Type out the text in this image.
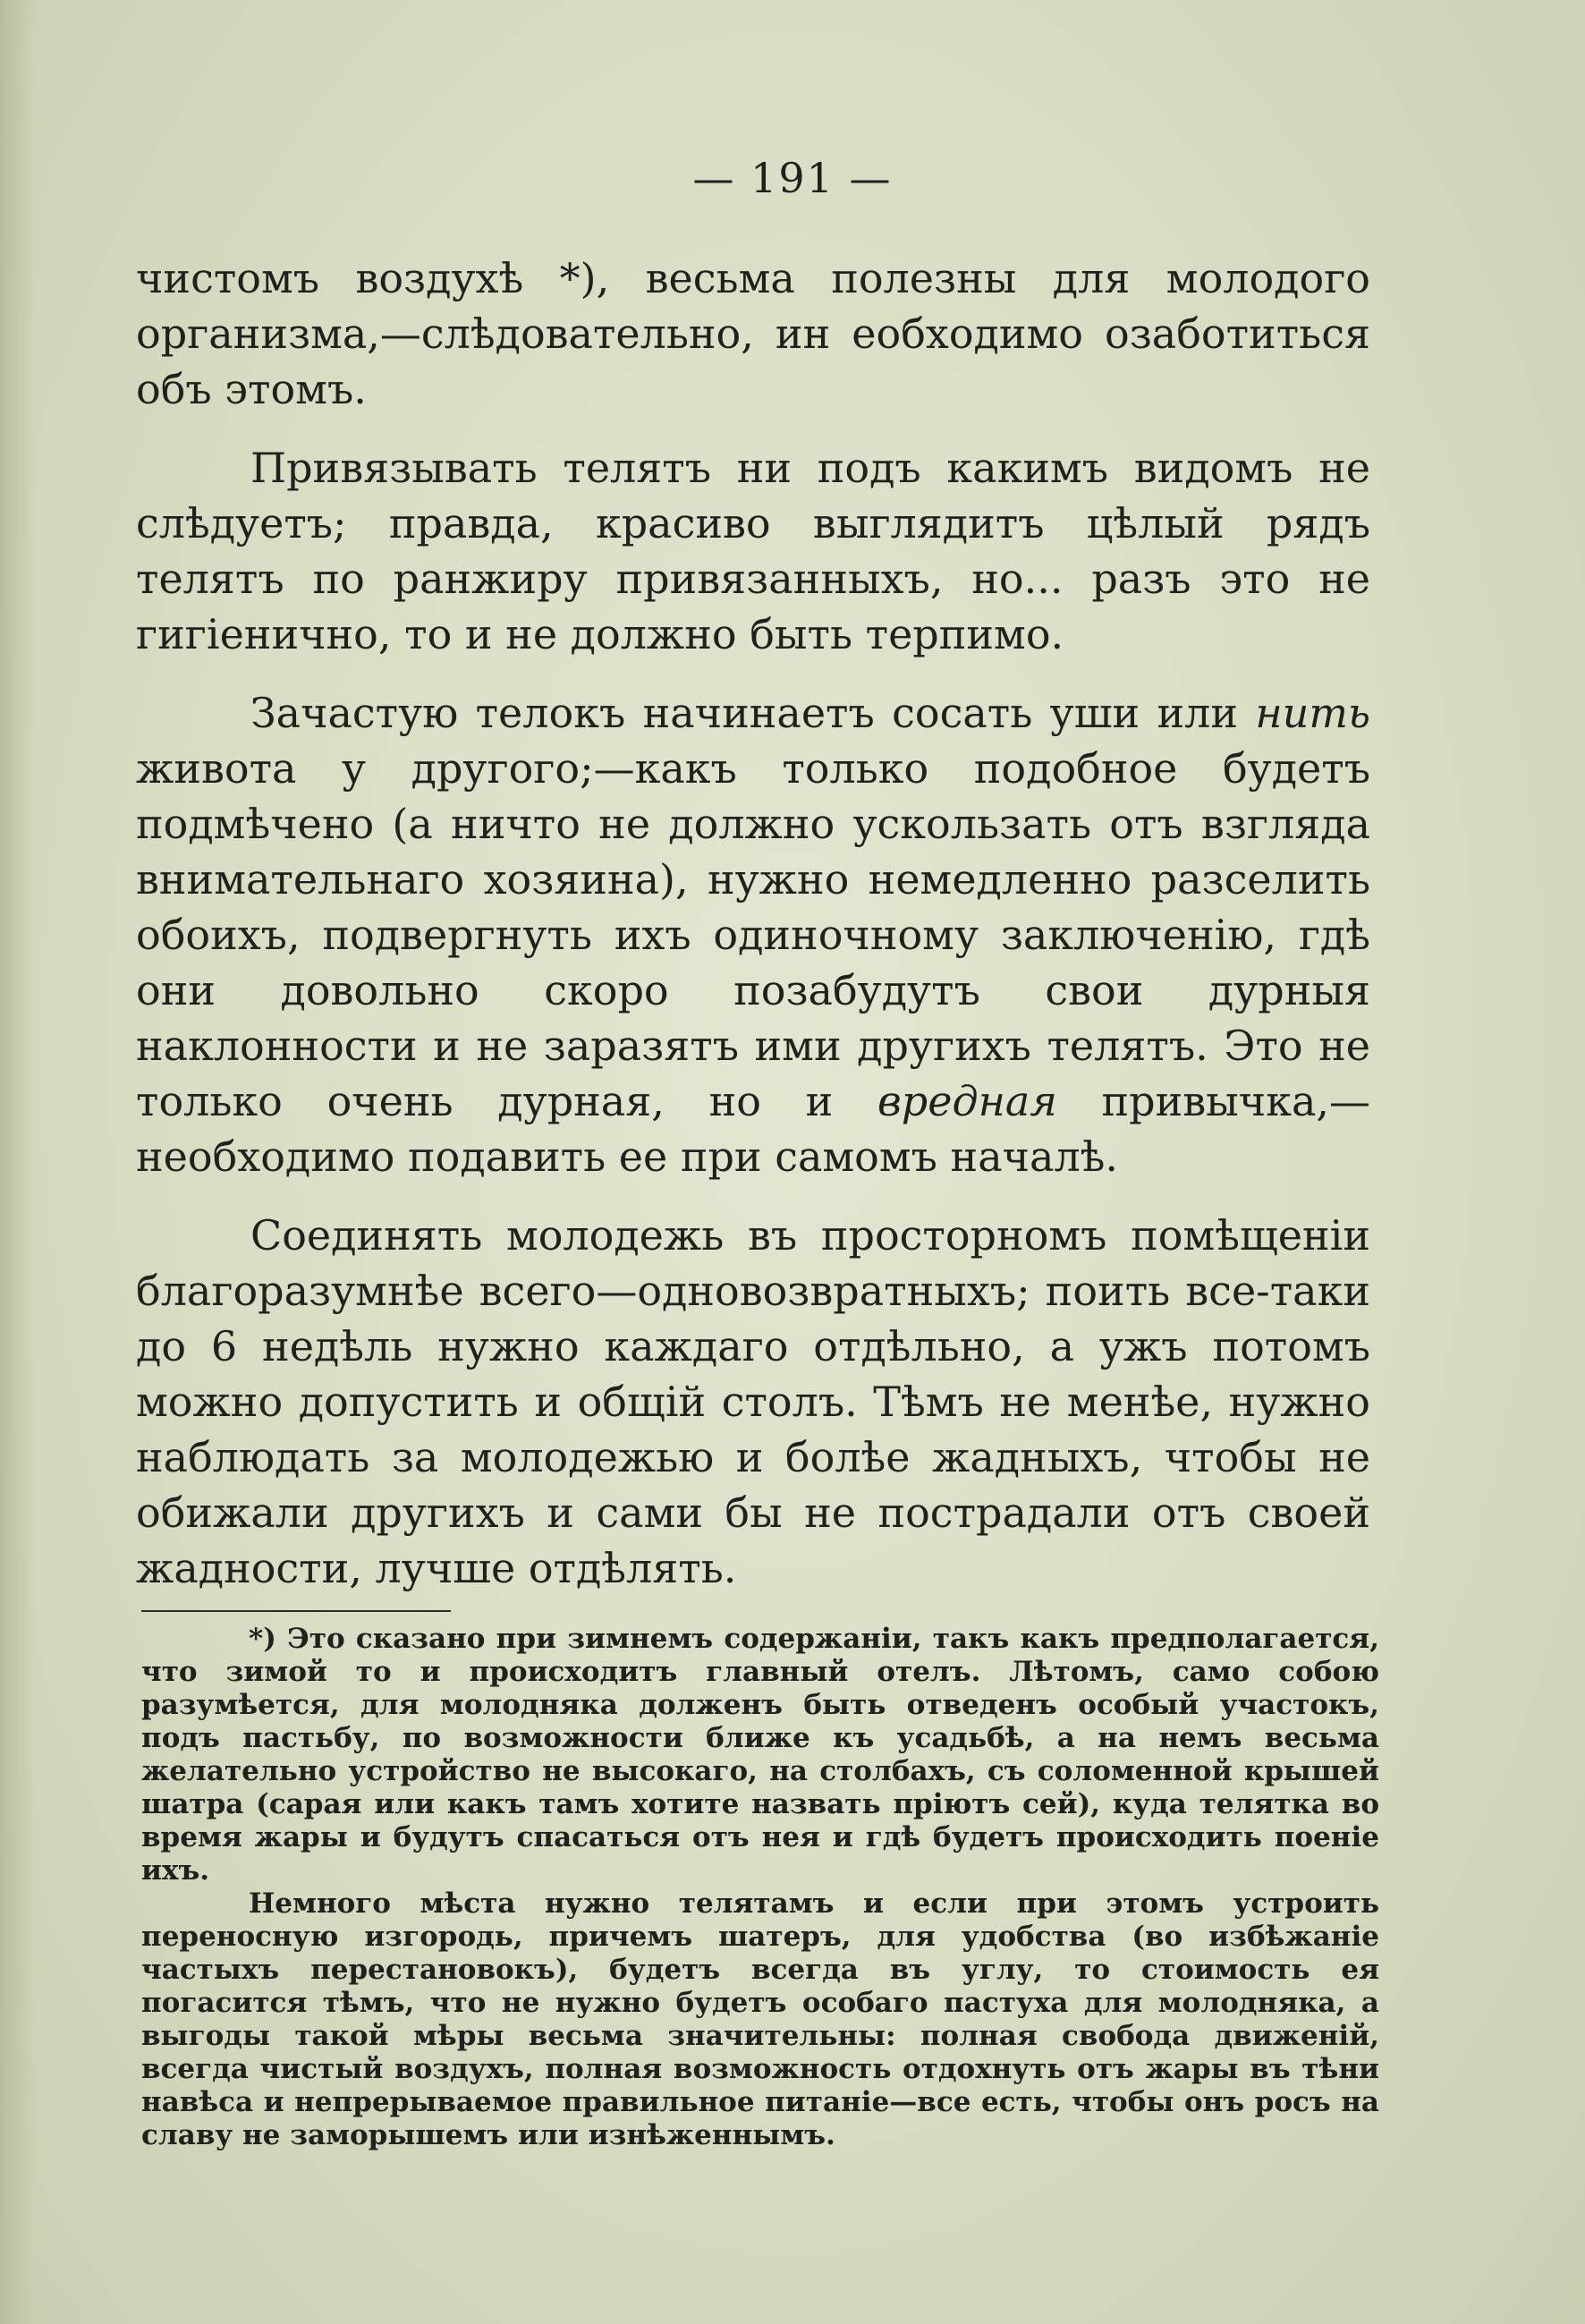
— 191 —

чистомъ воздухѣ *), весьма полезны для молодого организма,—слѣдовательно, ин еобходимо озаботиться объ этомъ.

Привязывать телятъ ни подъ какимъ видомъ не слѣдуетъ; правда, красиво выглядитъ цѣлый рядъ телятъ по ранжиру привязанныхъ, но... разъ это не гигіенично, то и не должно быть терпимо.

Зачастую телокъ начинаетъ сосать уши или нить живота у другого;—какъ только подобное будетъ подмѣчено (а ничто не должно ускользать отъ взгляда внимательнаго хозяина), нужно немедленно разселить обоихъ, подвергнуть ихъ одиночному заключенію, гдѣ они довольно скоро позабудутъ свои дурныя наклонности и не заразятъ ими другихъ телятъ. Это не только очень дурная, но и вредная привычка,—необходимо подавить ее при самомъ началѣ.

Соединять молодежь въ просторномъ помѣщеніи благоразумнѣе всего—одновозвратныхъ; поить все-таки до 6 недѣль нужно каждаго отдѣльно, а ужъ потомъ можно допустить и общій столъ. Тѣмъ не менѣе, нужно наблюдать за молодежью и болѣе жадныхъ, чтобы не обижали другихъ и сами бы не пострадали отъ своей жадности, лучше отдѣлять.

*) Это сказано при зимнемъ содержаніи, такъ какъ предполагается, что зимой то и происходитъ главный отелъ. Лѣтомъ, само собою разумѣется, для молодняка долженъ быть отведенъ особый участокъ, подъ пастьбу, по возможности ближе къ усадьбѣ, а на немъ весьма желательно устройство не высокаго, на столбахъ, съ соломенной крышей шатра (сарая или какъ тамъ хотите назвать пріютъ сей), куда телятка во время жары и будутъ спасаться отъ нея и гдѣ будетъ происходить поеніе ихъ.

Немного мѣста нужно телятамъ и если при этомъ устроить переносную изгородь, причемъ шатеръ, для удобства (во избѣжаніе частыхъ перестановокъ), будетъ всегда въ углу, то стоимость ея погасится тѣмъ, что не нужно будетъ особаго пастуха для молодняка, а выгоды такой мѣры весьма значительны: полная свобода движеній, всегда чистый воздухъ, полная возможность отдохнуть отъ жары въ тѣни навѣса и непрерываемое правильное питаніе—все есть, чтобы онъ росъ на славу не заморышемъ или изнѣженнымъ.
